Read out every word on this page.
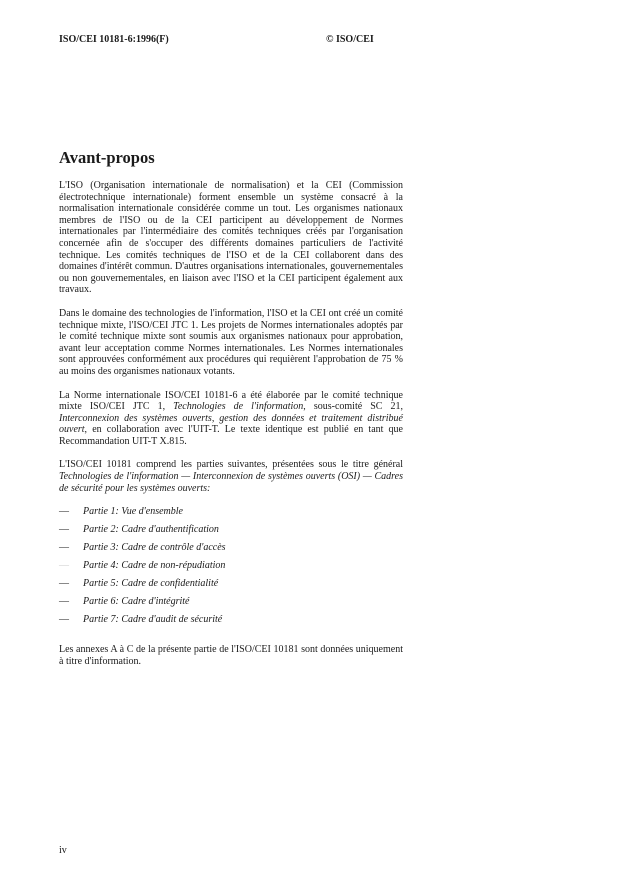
ISO/CEI 10181-6:1996(F)	© ISO/CEI
Avant-propos

L'ISO (Organisation internationale de normalisation) et la CEI (Commission électrotechnique internationale) forment ensemble un système consacré à la normalisation internationale considérée comme un tout. Les organismes nationaux membres de l'ISO ou de la CEI participent au développement de Normes internationales par l'intermédiaire des comités techniques créés par l'organisation concernée afin de s'occuper des différents domaines particuliers de l'activité technique. Les comités techniques de l'ISO et de la CEI collaborent dans des domaines d'intérêt commun. D'autres organisations internationales, gouvernementales ou non gouvernementales, en liaison avec l'ISO et la CEI participent également aux travaux.

Dans le domaine des technologies de l'information, l'ISO et la CEI ont créé un comité technique mixte, l'ISO/CEI JTC 1. Les projets de Normes internationales adoptés par le comité technique mixte sont soumis aux organismes nationaux pour approbation, avant leur acceptation comme Normes internationales. Les Normes internationales sont approuvées conformément aux procédures qui requièrent l'approbation de 75 % au moins des organismes nationaux votants.

La Norme internationale ISO/CEI 10181-6 a été élaborée par le comité technique mixte ISO/CEI JTC 1, Technologies de l'information, sous-comité SC 21, Interconnexion des systèmes ouverts, gestion des données et traitement distribué ouvert, en collaboration avec l'UIT-T. Le texte identique est publié en tant que Recommandation UIT-T X.815.

L'ISO/CEI 10181 comprend les parties suivantes, présentées sous le titre général Technologies de l'information — Interconnexion de systèmes ouverts (OSI) — Cadres de sécurité pour les systèmes ouverts:

— Partie 1: Vue d'ensemble
— Partie 2: Cadre d'authentification
— Partie 3: Cadre de contrôle d'accès
— Partie 4: Cadre de non-répudiation
— Partie 5: Cadre de confidentialité
— Partie 6: Cadre d'intégrité
— Partie 7: Cadre d'audit de sécurité

Les annexes A à C de la présente partie de l'ISO/CEI 10181 sont données uniquement à titre d'information.

iv
